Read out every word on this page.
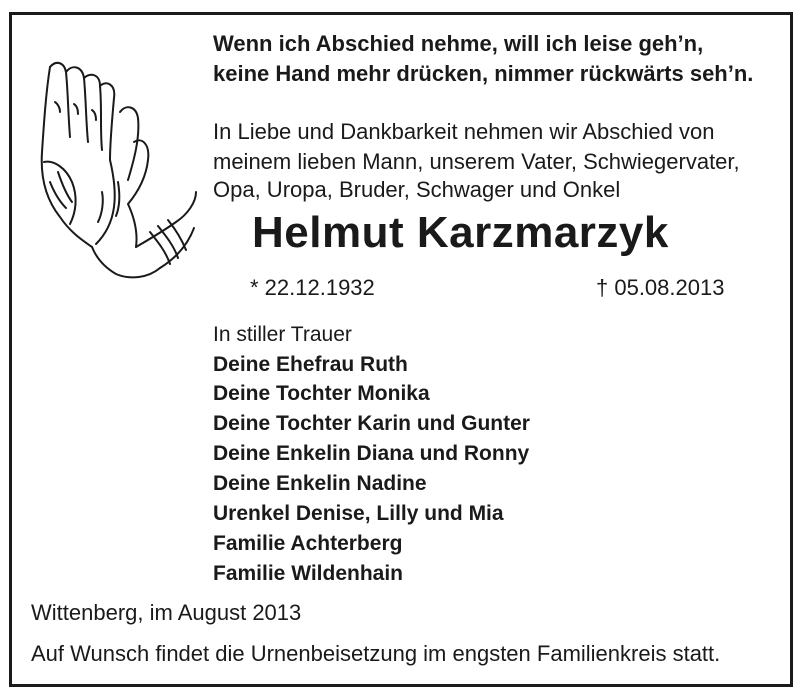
Wenn ich Abschied nehme, will ich leise geh’n,
keine Hand mehr drücken, nimmer rückwärts seh’n.
In Liebe und Dankbarkeit nehmen wir Abschied von
meinem lieben Mann, unserem Vater, Schwiegervater,
Opa, Uropa, Bruder, Schwager und Onkel
Helmut Karzmarzyk
* 22.12.1932	† 05.08.2013
In stiller Trauer
Deine Ehefrau Ruth
Deine Tochter Monika
Deine Tochter Karin und Gunter
Deine Enkelin Diana und Ronny
Deine Enkelin Nadine
Urenkel Denise, Lilly und Mia
Familie Achterberg
Familie Wildenhain
Wittenberg, im August 2013
Auf Wunsch findet die Urnenbeisetzung im engsten Familienkreis statt.
